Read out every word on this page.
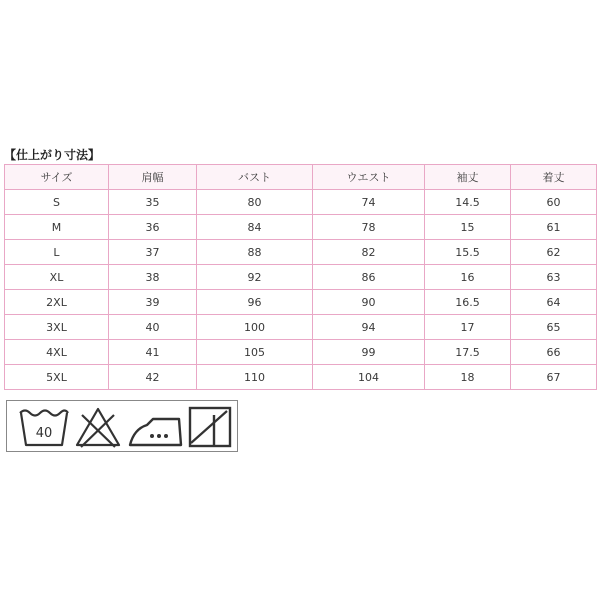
【仕上がり寸法】
サイズ	肩幅	バスト	ウエスト	袖丈	着丈
S	35	80	74	14.5	60
M	36	84	78	15	61
L	37	88	82	15.5	62
XL	38	92	86	16	63
2XL	39	96	90	16.5	64
3XL	40	100	94	17	65
4XL	41	105	99	17.5	66
5XL	42	110	104	18	67
40
